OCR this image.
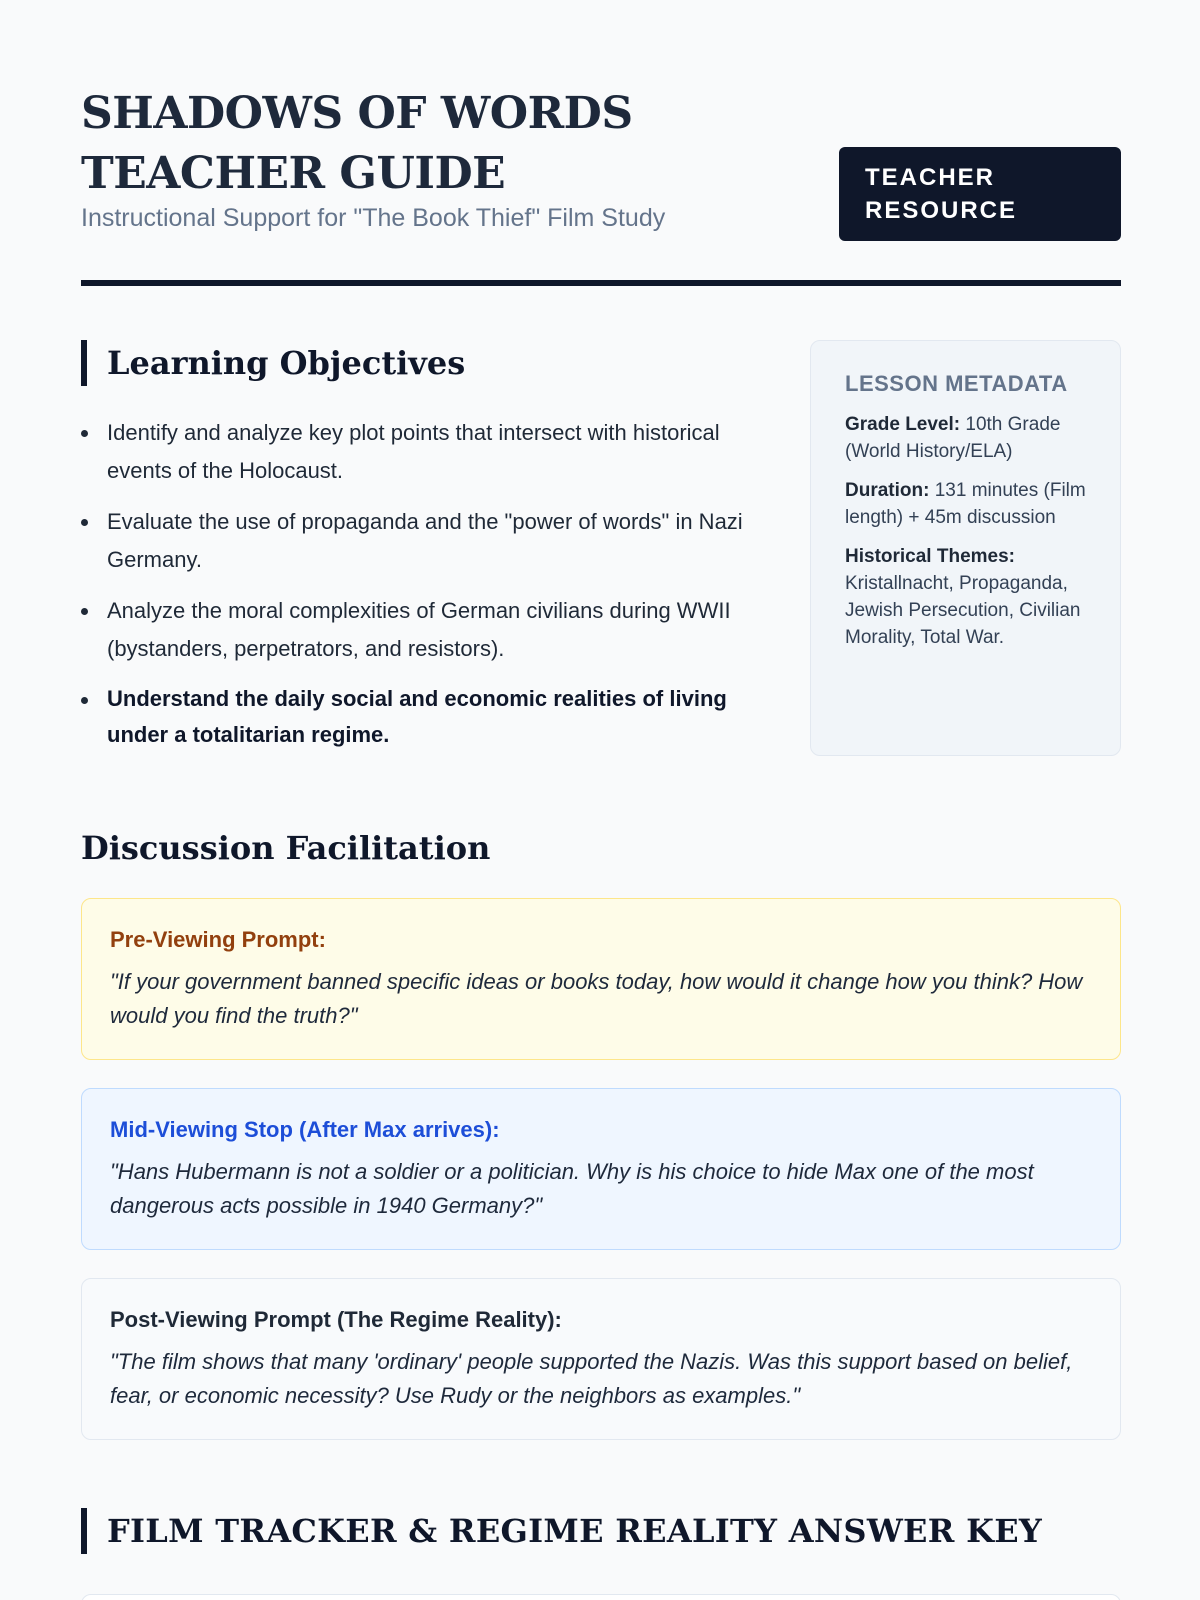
SHADOWS OF WORDS
TEACHER GUIDE
Instructional Support for "The Book Thief" Film Study
TEACHER
RESOURCE
Learning Objectives
Identify and analyze key plot points that intersect with historical events of the Holocaust.
Evaluate the use of propaganda and the "power of words" in Nazi Germany.
Analyze the moral complexities of German civilians during WWII (bystanders, perpetrators, and resistors).
Understand the daily social and economic realities of living under a totalitarian regime.
LESSON METADATA
Grade Level: 10th Grade (World History/ELA)
Duration: 131 minutes (Film length) + 45m discussion
Historical Themes: Kristallnacht, Propaganda, Jewish Persecution, Civilian Morality, Total War.
Discussion Facilitation
Pre-Viewing Prompt:
"If your government banned specific ideas or books today, how would it change how you think? How would you find the truth?"
Mid-Viewing Stop (After Max arrives):
"Hans Hubermann is not a soldier or a politician. Why is his choice to hide Max one of the most dangerous acts possible in 1940 Germany?"
Post-Viewing Prompt (The Regime Reality):
"The film shows that many 'ordinary' people supported the Nazis. Was this support based on belief, fear, or economic necessity? Use Rudy or the neighbors as examples."
FILM TRACKER & REGIME REALITY ANSWER KEY
